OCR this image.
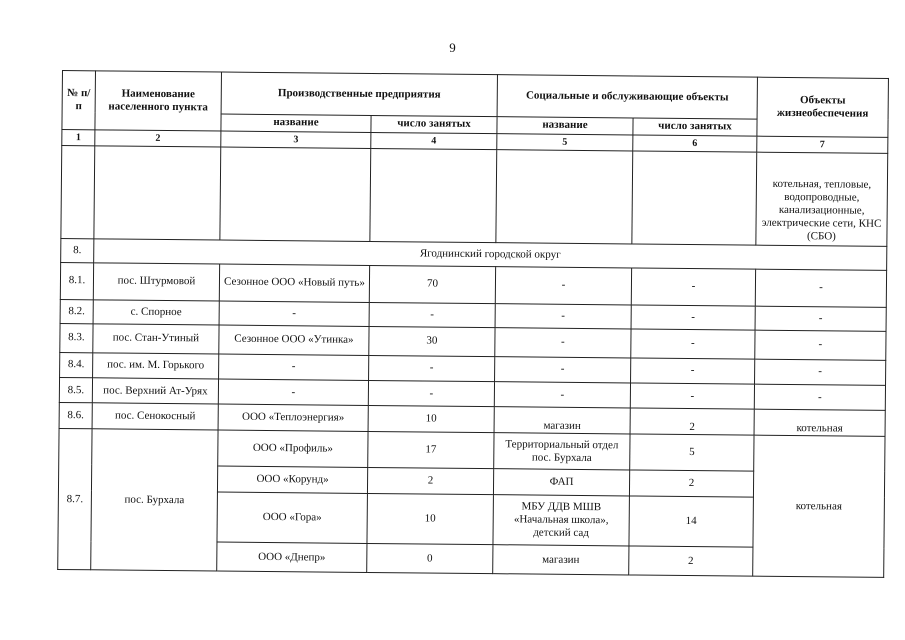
9
№ п/п	Наименование населенного пункта	Производственные предприятия		Социальные и обслуживающие объекты		Объекты жизнеобеспечения
		название	число занятых	название	число занятых	
1	2	3	4	5	6	7
						котельная, тепловые, водопроводные, канализационные, электрические сети, КНС (СБО)
8.	Ягоднинский городской округ					
8.1.	пос. Штурмовой	Сезонное ООО «Новый путь»	70	-	-	-
8.2.	с. Спорное	-	-	-	-	-
8.3.	пос. Стан-Утиный	Сезонное ООО «Утинка»	30	-	-	-
8.4.	пос. им. М. Горького	-	-	-	-	-
8.5.	пос. Верхний Ат-Урях	-	-	-	-	-
8.6.	пос. Сенокосный	ООО «Теплоэнергия»	10	магазин	2	котельная
8.7.	пос. Бурхала	ООО «Профиль»	17	Территориальный отдел пос. Бурхала	5	котельная
		ООО «Корунд»	2	ФАП	2	
		ООО «Гора»	10	МБУ ДДВ МШВ «Начальная школа», детский сад	14	
		ООО «Днепр»	0	магазин	2	
